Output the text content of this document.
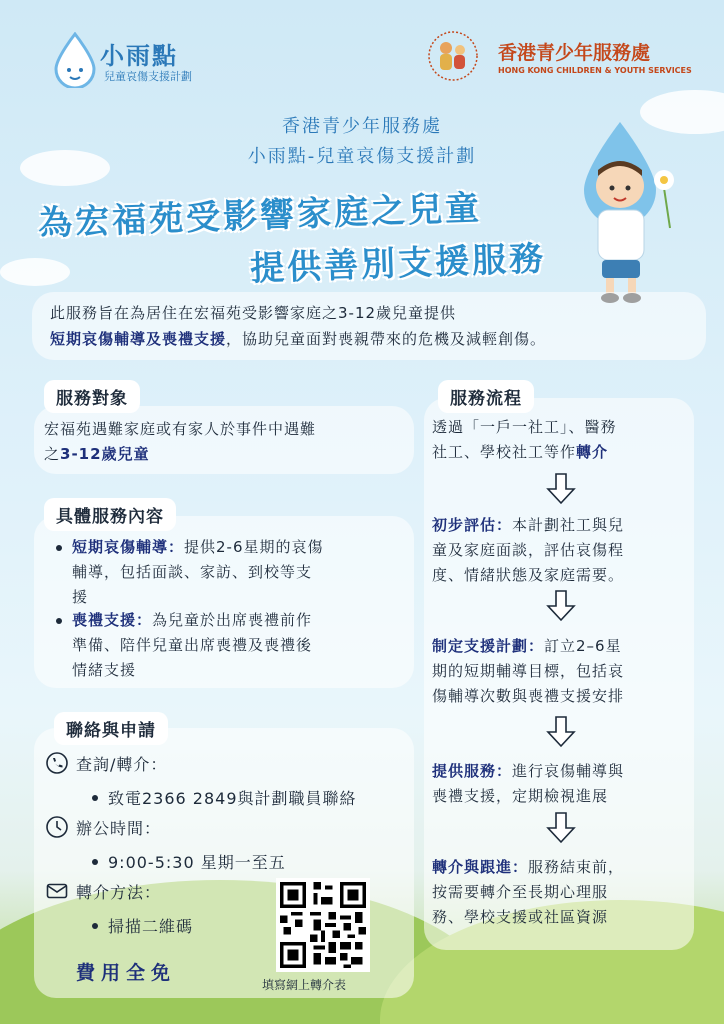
小雨點
兒童哀傷支援計劃
香港青少年服務處
HONG KONG CHILDREN & YOUTH SERVICES
香港青少年服務處
小雨點-兒童哀傷支援計劃
為宏福苑受影響家庭之兒童
提供善別支援服務

此服務旨在為居住在宏福苑受影響家庭之3-12歲兒童提供

短期哀傷輔導及喪禮支援，協助兒童面對喪親帶來的危機及減輕創傷。

服務對象
宏福苑遇難家庭或有家人於事件中遇難
之3-12歲兒童
具體服務內容
短期哀傷輔導：提供2-6星期的哀傷
輔導，包括面談、家訪、到校等支
援
喪禮支援：為兒童於出席喪禮前作
準備、陪伴兒童出席喪禮及喪禮後
情緒支援
聯絡與申請
查詢/轉介：
致電2366 2849與計劃職員聯絡
辦公時間：
9:00-5:30 星期一至五
轉介方法：
掃描二維碼
填寫網上轉介表
費用全免
服務流程
透過「一戶一社工」、醫務
社工、學校社工等作轉介
初步評估：本計劃社工與兒
童及家庭面談，評估哀傷程
度、情緒狀態及家庭需要。
制定支援計劃：訂立2–6星
期的短期輔導目標，包括哀
傷輔導次數與喪禮支援安排
提供服務：進行哀傷輔導與
喪禮支援，定期檢視進展
轉介與跟進：服務結束前，
按需要轉介至長期心理服
務、學校支援或社區資源
